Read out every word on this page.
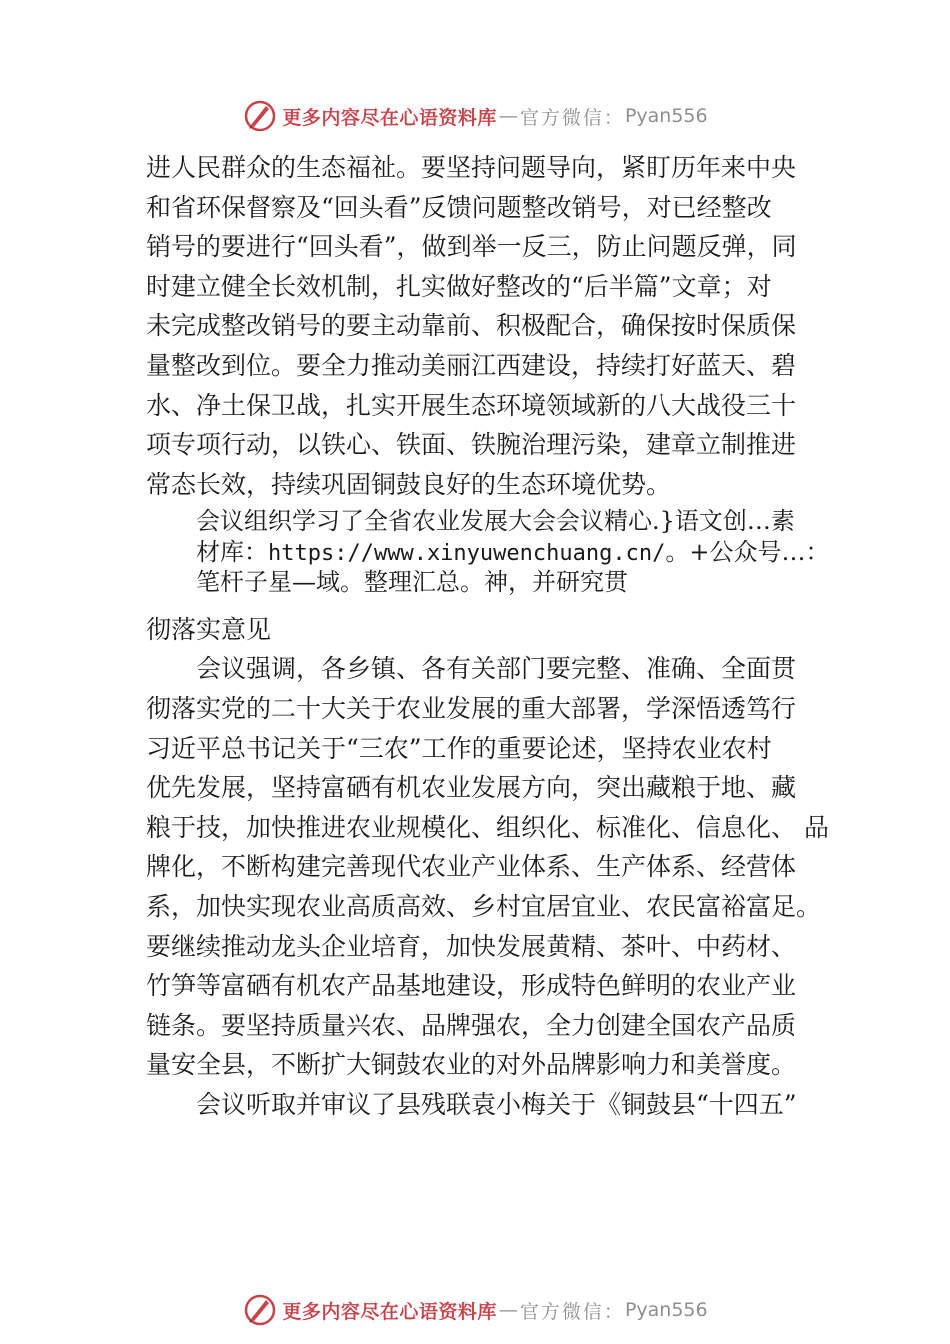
更多内容尽在心语资料库 — 官方微信： Pyan556
进人民群众的生态福祉。要坚持问题导向，紧盯历年来中央
和省环保督察及“回头看”反馈问题整改销号，对已经整改
销号的要进行“回头看”，做到举一反三，防止问题反弹，同
时建立健全长效机制，扎实做好整改的“后半篇”文章；对
未完成整改销号的要主动靠前、积极配合，确保按时保质保
量整改到位。要全力推动美丽江西建设，持续打好蓝天、碧
水、净土保卫战，扎实开展生态环境领域新的八大战役三十
项专项行动，以铁心、铁面、铁腕治理污染，建章立制推进
常态长效，持续巩固铜鼓良好的生态环境优势。
会议组织学习了全省农业发展大会会议精心.}语文创…素
材库：https://www.xinyuwenchuang.cn/。+公众号…：
笔杆子星—域。整理汇总。神，并研究贯
彻落实意见
会议强调，各乡镇、各有关部门要完整、准确、全面贯
彻落实党的二十大关于农业发展的重大部署，学深悟透笃行
习近平总书记关于“三农”工作的重要论述，坚持农业农村
优先发展，坚持富硒有机农业发展方向，突出藏粮于地、藏
粮于技，加快推进农业规模化、组织化、标准化、信息化、 品
牌化，不断构建完善现代农业产业体系、生产体系、经营体
系，加快实现农业高质高效、乡村宜居宜业、农民富裕富足。
要继续推动龙头企业培育，加快发展黄精、茶叶、中药材、
竹笋等富硒有机农产品基地建设，形成特色鲜明的农业产业
链条。要坚持质量兴农、品牌强农，全力创建全国农产品质
量安全县，不断扩大铜鼓农业的对外品牌影响力和美誉度。
会议听取并审议了县残联袁小梅关于《铜鼓县“十四五”
更多内容尽在心语资料库 — 官方微信： Pyan556
